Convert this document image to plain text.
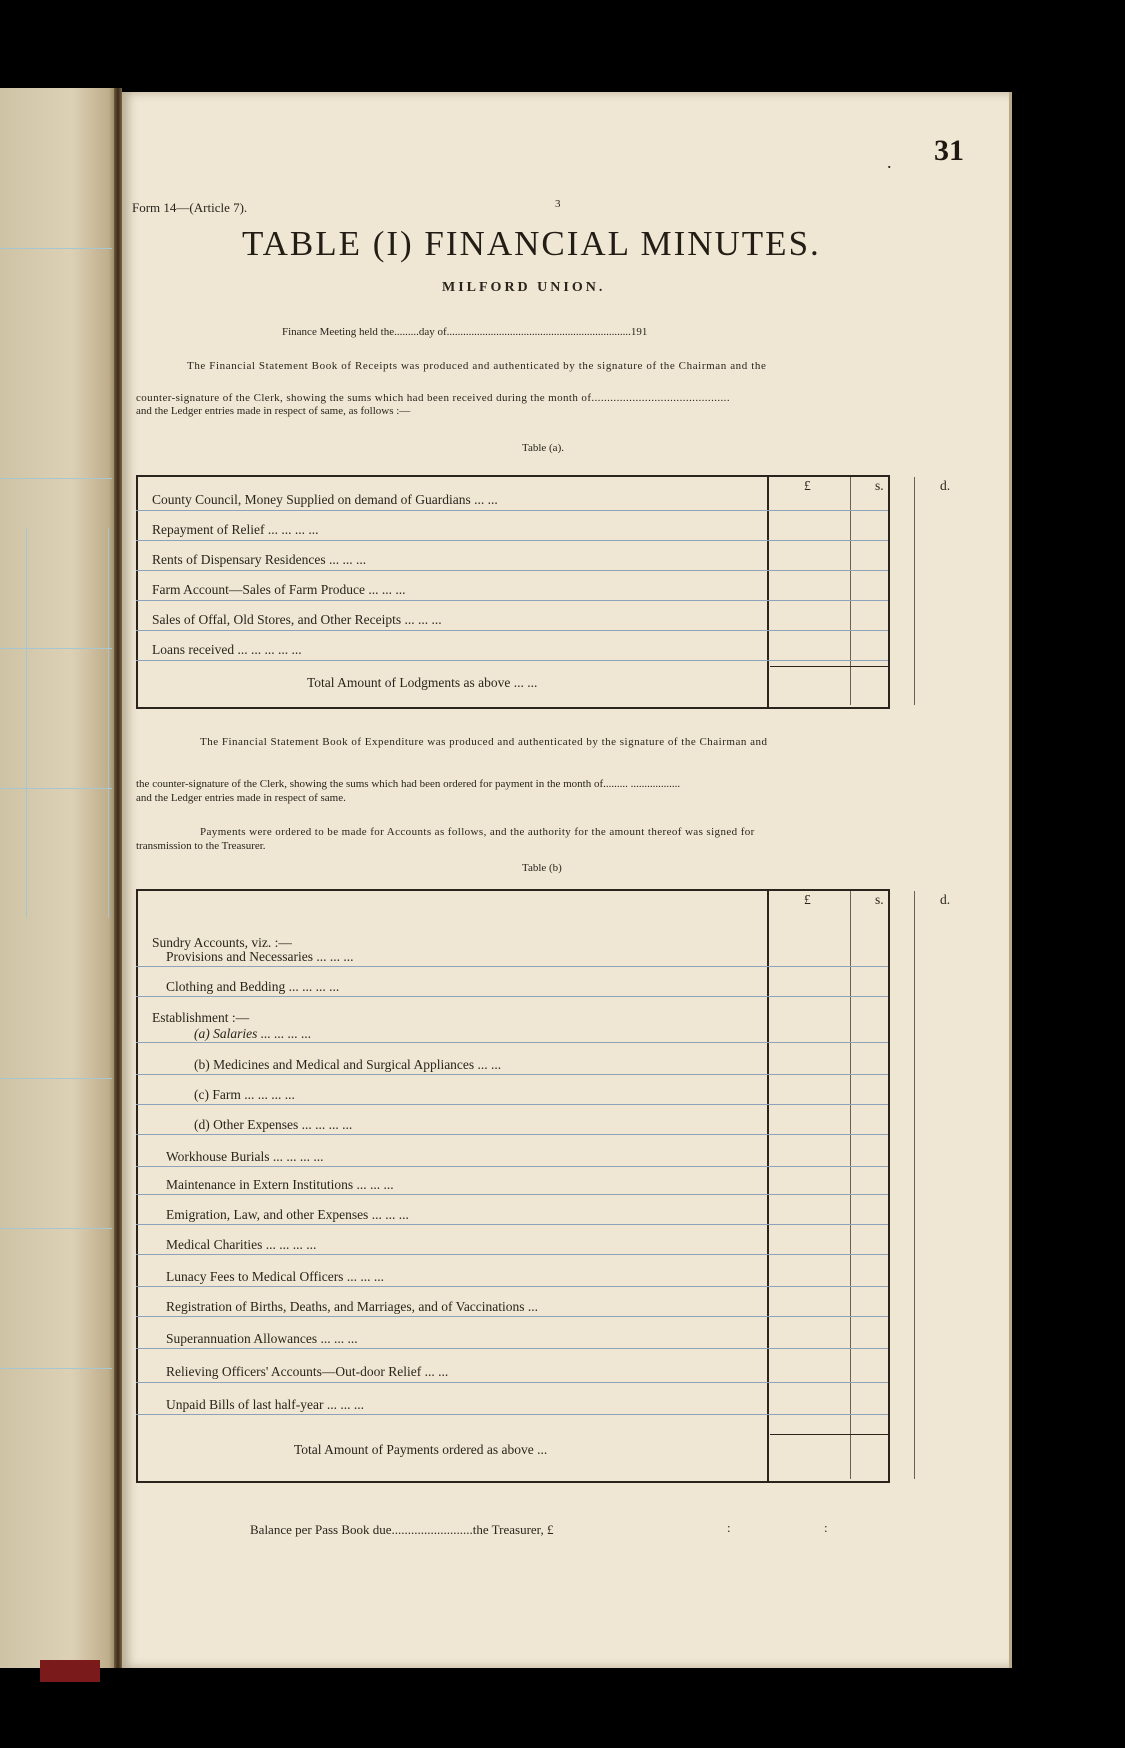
31
.
Form 14—(Article 7).	3
TABLE (I) FINANCIAL MINUTES.
MILFORD UNION.
Finance Meeting held the.........day of...................................................................191
The Financial Statement Book of Receipts was produced and authenticated by the signature of the Chairman and the
counter-signature of the Clerk, showing the sums which had been received during the month of............................................
and the Ledger entries made in respect of same, as follows :—
Table (a).
£	s.	d.
County Council, Money Supplied on demand of Guardians ... ...
Repayment of Relief ... ... ... ...
Rents of Dispensary Residences ... ... ...
Farm Account—Sales of Farm Produce ... ... ...
Sales of Offal, Old Stores, and Other Receipts ... ... ...
Loans received ... ... ... ... ...
Total Amount of Lodgments as above ... ...
The Financial Statement Book of Expenditure was produced and authenticated by the signature of the Chairman and
the counter-signature of the Clerk, showing the sums which had been ordered for payment in the month of......... ..................
and the Ledger entries made in respect of same.
Payments were ordered to be made for Accounts as follows, and the authority for the amount thereof was signed for
transmission to the Treasurer.
Table (b)
£	s.	d.
Sundry Accounts, viz. :—
Provisions and Necessaries ... ... ...
Clothing and Bedding ... ... ... ...
Establishment :—
(a) Salaries ... ... ... ...
(b) Medicines and Medical and Surgical Appliances ... ...
(c) Farm ... ... ... ...
(d) Other Expenses ... ... ... ...
Workhouse Burials ... ... ... ...
Maintenance in Extern Institutions ... ... ...
Emigration, Law, and other Expenses ... ... ...
Medical Charities ... ... ... ...
Lunacy Fees to Medical Officers ... ... ...
Registration of Births, Deaths, and Marriages, and of Vaccinations ...
Superannuation Allowances ... ... ...
Relieving Officers' Accounts—Out-door Relief ... ...
Unpaid Bills of last half-year ... ... ...
Total Amount of Payments ordered as above ...
Balance per Pass Book due.........................the Treasurer, £	:	:
